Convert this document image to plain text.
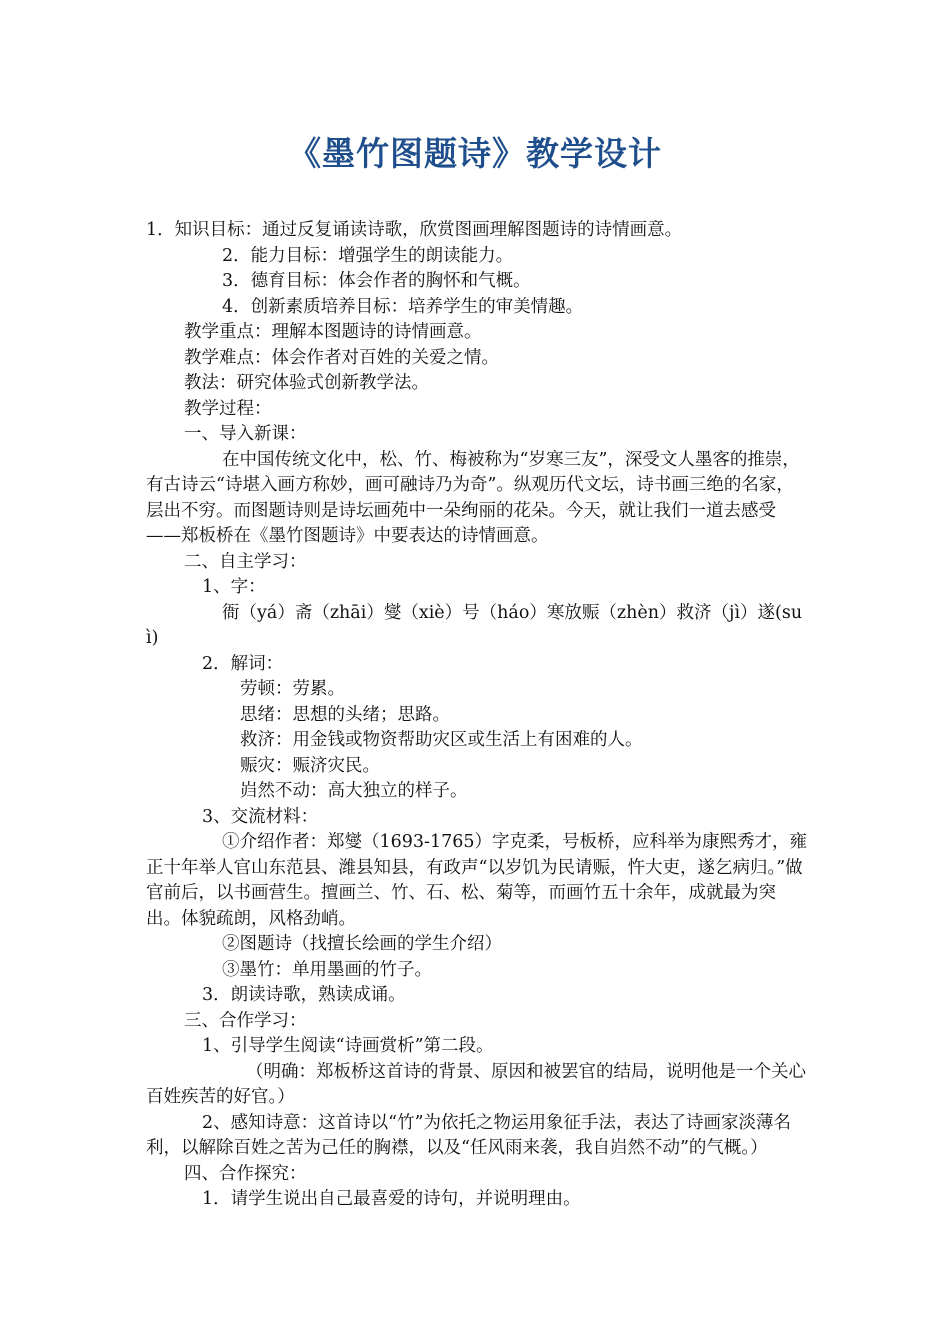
《墨竹图题诗》教学设计

1．知识目标：通过反复诵读诗歌，欣赏图画理解图题诗的诗情画意。

2．能力目标：增强学生的朗读能力。

3．德育目标：体会作者的胸怀和气概。

4．创新素质培养目标：培养学生的审美情趣。

教学重点：理解本图题诗的诗情画意。

教学难点：体会作者对百姓的关爱之情。

教法：研究体验式创新教学法。

教学过程：

一、导入新课：

在中国传统文化中，松、竹、梅被称为“岁寒三友”，深受文人墨客的推崇，有古诗云“诗堪入画方称妙，画可融诗乃为奇”。纵观历代文坛，诗书画三绝的名家，层出不穷。而图题诗则是诗坛画苑中一朵绚丽的花朵。今天，就让我们一道去感受——郑板桥在《墨竹图题诗》中要表达的诗情画意。

二、自主学习：

1、字：

衙（yá）斋（zhāi）燮（xiè）号（háo）寒放赈（zhèn）救济（jì）遂(suì)

2．解词：

劳顿：劳累。

思绪：思想的头绪；思路。

救济：用金钱或物资帮助灾区或生活上有困难的人。

赈灾：赈济灾民。

岿然不动：高大独立的样子。

3、交流材料：

①介绍作者：郑燮（1693-1765）字克柔，号板桥，应科举为康熙秀才，雍正十年举人官山东范县、潍县知县，有政声“以岁饥为民请赈，忤大吏，遂乞病归。”做官前后，以书画营生。擅画兰、竹、石、松、菊等，而画竹五十余年，成就最为突出。体貌疏朗，风格劲峭。

②图题诗（找擅长绘画的学生介绍）

③墨竹：单用墨画的竹子。

3．朗读诗歌，熟读成诵。

三、合作学习：

1、引导学生阅读“诗画赏析”第二段。

（明确：郑板桥这首诗的背景、原因和被罢官的结局，说明他是一个关心百姓疾苦的好官。）

2、感知诗意：这首诗以“竹”为依托之物运用象征手法，表达了诗画家淡薄名利，以解除百姓之苦为己任的胸襟，以及“任风雨来袭，我自岿然不动”的气概。）

四、合作探究：

1．请学生说出自己最喜爱的诗句，并说明理由。
